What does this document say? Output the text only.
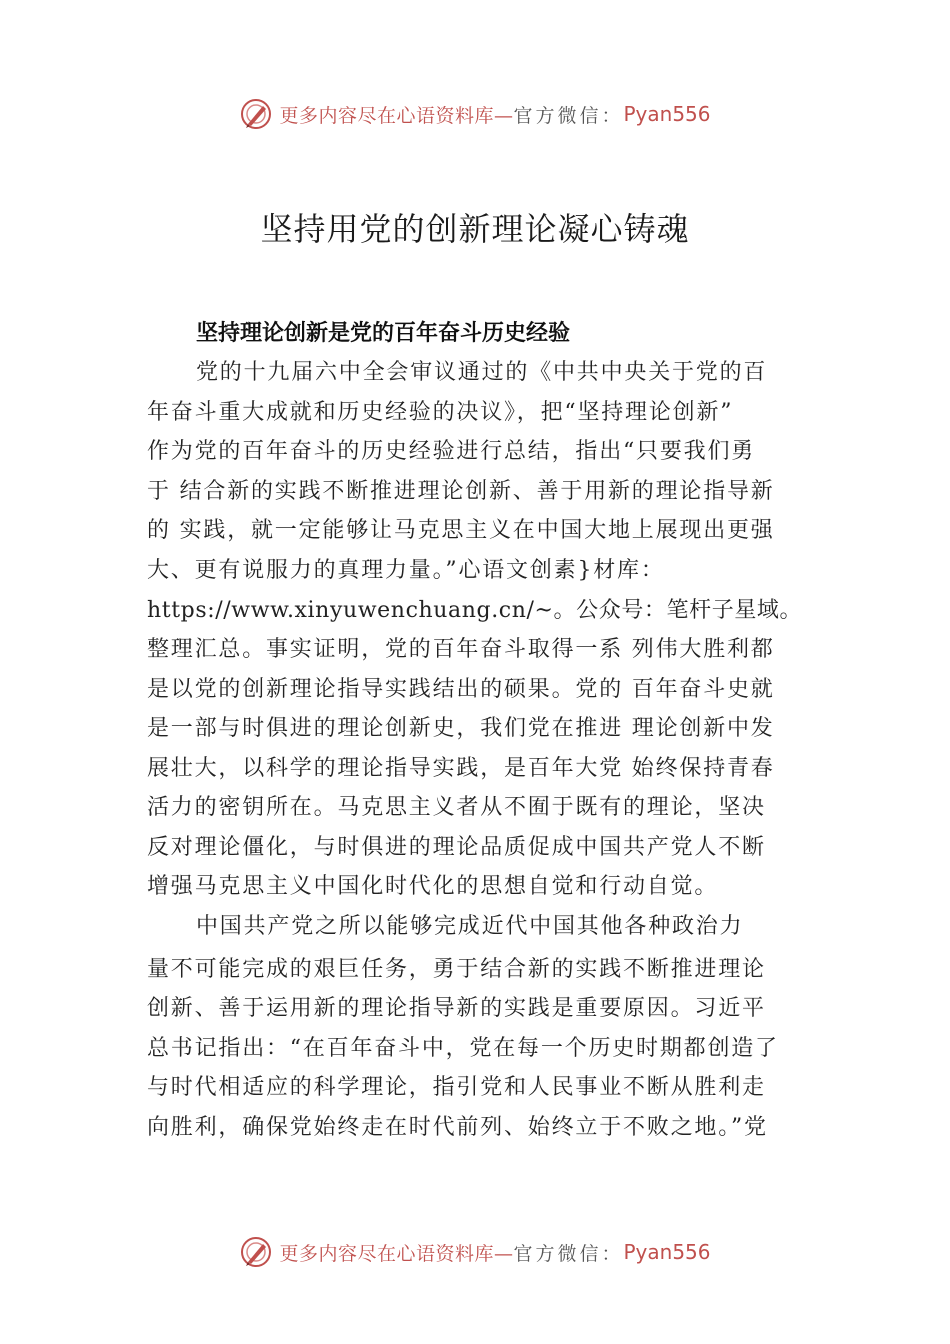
更多内容尽在心语资料库— 官方微信： Pyan556
坚持用党的创新理论凝心铸魂
坚持理论创新是党的百年奋斗历史经验
党的十九届六中全会审议通过的《中共中央关于党的百
年奋斗重大成就和历史经验的决议》，把“坚持理论创新”
作为党的百年奋斗的历史经验进行总结，指出“只要我们勇
于 结合新的实践不断推进理论创新、善于用新的理论指导新
的 实践，就一定能够让马克思主义在中国大地上展现出更强
大、更有说服力的真理力量。”心语文创素}材库：
https://www.xinyuwenchuang.cn/~。公众号：笔杆子星域。
整理汇总。事实证明，党的百年奋斗取得一系 列伟大胜利都
是以党的创新理论指导实践结出的硕果。党的 百年奋斗史就
是一部与时俱进的理论创新史，我们党在推进 理论创新中发
展壮大，以科学的理论指导实践，是百年大党 始终保持青春
活力的密钥所在。马克思主义者从不囿于既有的理论，坚决
反对理论僵化，与时俱进的理论品质促成中国共产党人不断
增强马克思主义中国化时代化的思想自觉和行动自觉。
中国共产党之所以能够完成近代中国其他各种政治力
量不可能完成的艰巨任务，勇于结合新的实践不断推进理论
创新、善于运用新的理论指导新的实践是重要原因。习近平
总书记指出：“在百年奋斗中，党在每一个历史时期都创造了
与时代相适应的科学理论，指引党和人民事业不断从胜利走
向胜利，确保党始终走在时代前列、始终立于不败之地。”党
更多内容尽在心语资料库— 官方微信： Pyan556
